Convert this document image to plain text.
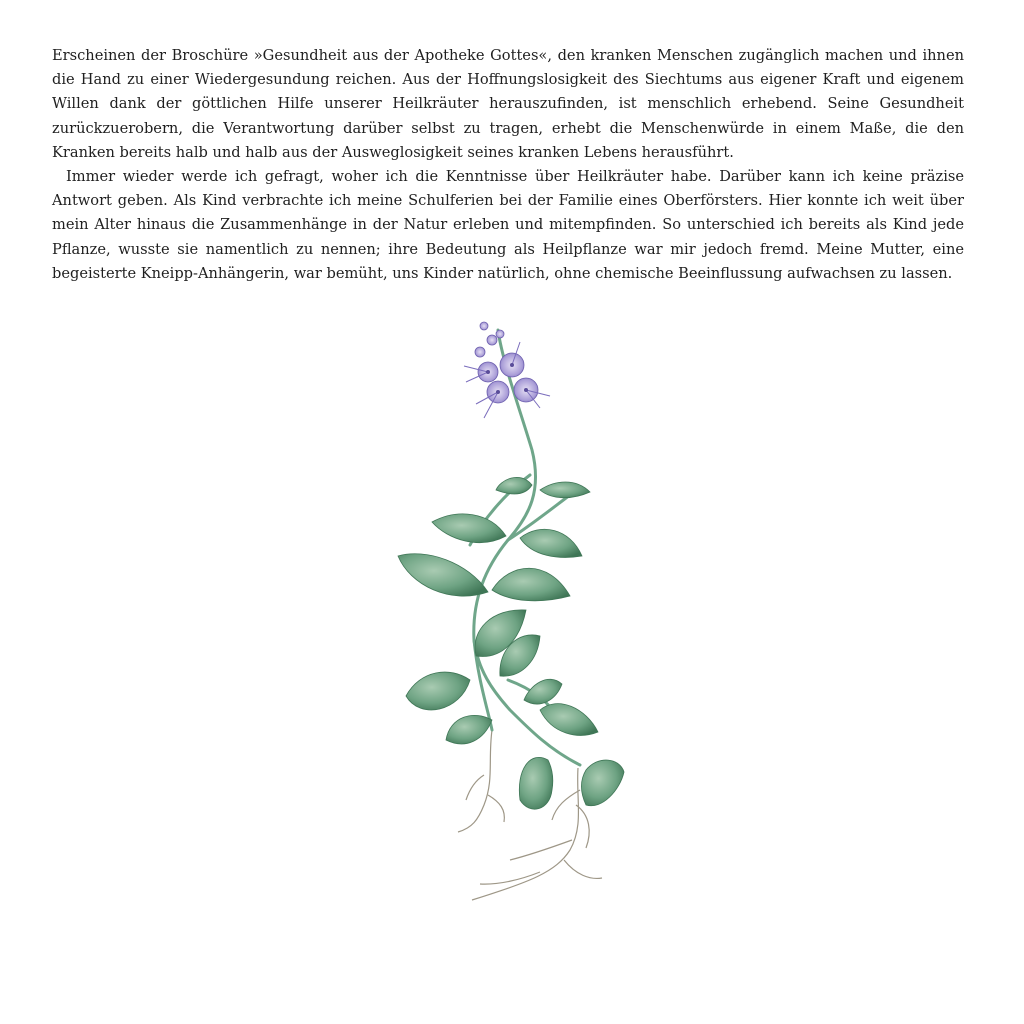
Erscheinen der Broschüre »Gesundheit aus der Apotheke Gottes«, den kranken Menschen zugänglich machen und ihnen die Hand zu einer Wiedergesundung reichen. Aus der Hoffnungslosigkeit des Siechtums aus eigener Kraft und eigenem Willen dank der göttlichen Hilfe unserer Heilkräuter herauszufinden, ist menschlich erhebend. Seine Gesundheit zurückzuerobern, die Verantwortung darüber selbst zu tragen, erhebt die Menschenwürde in einem Maße, die den Kranken bereits halb und halb aus der Ausweglosigkeit seines kranken Lebens herausführt.

Immer wieder werde ich gefragt, woher ich die Kenntnisse über Heilkräuter habe. Darüber kann ich keine präzise Antwort geben. Als Kind verbrachte ich meine Schulferien bei der Familie eines Oberförsters. Hier konnte ich weit über mein Alter hinaus die Zusammenhänge in der Natur erleben und mitempfinden. So unterschied ich bereits als Kind jede Pflanze, wusste sie namentlich zu nennen; ihre Bedeutung als Heilpflanze war mir jedoch fremd. Meine Mutter, eine begeisterte Kneipp-Anhängerin, war bemüht, uns Kinder natürlich, ohne chemische Beeinflussung aufwachsen zu lassen.
